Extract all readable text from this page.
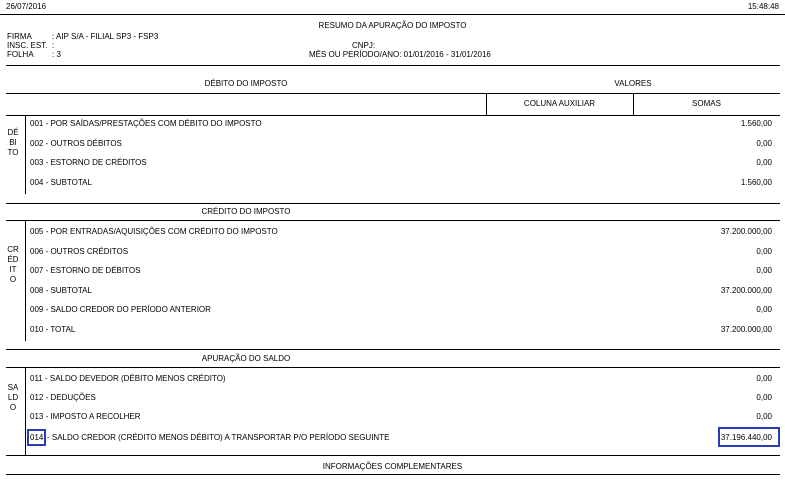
26/07/2016	15:48:48
RESUMO DA APURAÇÃO DO IMPOSTO
FIRMA	: AIP S/A - FILIAL SP3 - FSP3
INSC. EST. :	CNPJ:
FOLHA : 3	MÊS OU PERÍODO/ANO: 01/01/2016 - 31/01/2016
DÉBITO DO IMPOSTO	VALORES
COLUNA AUXILIAR	SOMAS
DÉBITO
001 - POR SAÍDAS/PRESTAÇÕES COM DÉBITO DO IMPOSTO	1.560,00
002 - OUTROS DÉBITOS	0,00
003 - ESTORNO DE CRÉDITOS	0,00
004 - SUBTOTAL	1.560,00
CRÉDITO DO IMPOSTO
CRÉDITO
005 - POR ENTRADAS/AQUISIÇÕES COM CRÉDITO DO IMPOSTO	37.200.000,00
006 - OUTROS CRÉDITOS	0,00
007 - ESTORNO DE DÉBITOS	0,00
008 - SUBTOTAL	37.200.000,00
009 - SALDO CREDOR DO PERÍODO ANTERIOR	0,00
010 - TOTAL	37.200.000,00
APURAÇÃO DO SALDO
SALDO
011 - SALDO DEVEDOR (DÉBITO MENOS CRÉDITO)	0,00
012 - DEDUÇÕES	0,00
013 - IMPOSTO A RECOLHER	0,00
014 - SALDO CREDOR (CRÉDITO MENOS DÉBITO) A TRANSPORTAR P/O PERÍODO SEGUINTE	37.196.440,00
INFORMAÇÕES COMPLEMENTARES
